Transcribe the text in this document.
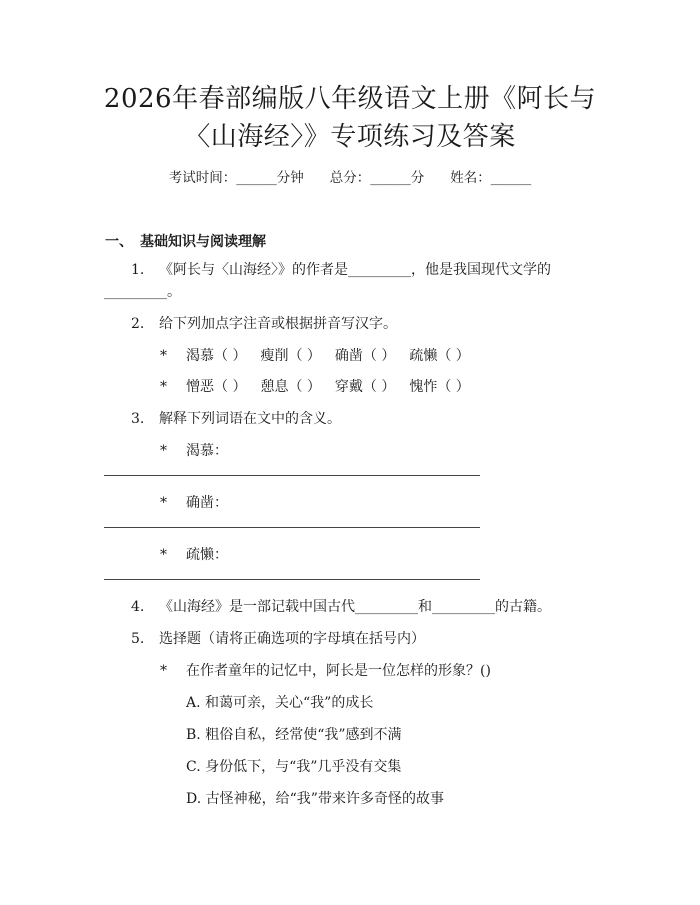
2026年春部编版八年级语文上册《阿长与
〈山海经〉》专项练习及答案
考试时间：______分钟 总分：______分 姓名：______
一、　基础知识与阅读理解
1. 《阿长与〈山海经〉》的作者是_________，他是我国现代文学的
_________。
2. 给下列加点字注音或根据拼音写汉字。
* 渴慕（ ） 瘦削（ ） 确凿（ ） 疏懒（ ）
* 憎恶（ ） 憩息（ ） 穿戴（ ） 愧怍（ ）
3. 解释下列词语在文中的含义。
* 渴慕：
* 确凿：
* 疏懒：
4. 《山海经》是一部记载中国古代_________和_________的古籍。
5. 选择题（请将正确选项的字母填在括号内）
* 在作者童年的记忆中，阿长是一位怎样的形象？()
A. 和蔼可亲，关心“我”的成长
B. 粗俗自私，经常使“我”感到不满
C. 身份低下，与“我”几乎没有交集
D. 古怪神秘，给“我”带来许多奇怪的故事
